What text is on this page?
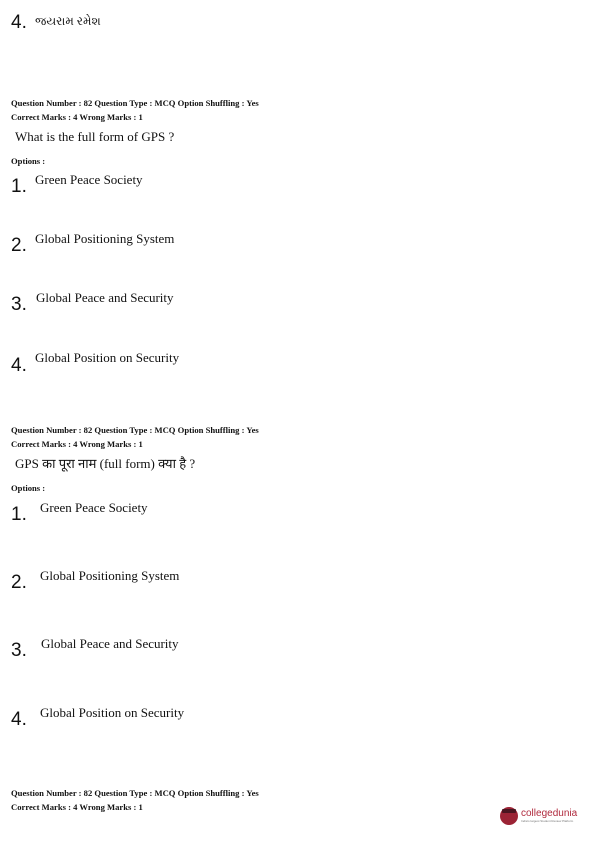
4. જયરામ રમેશ
Question Number : 82 Question Type : MCQ Option Shuffling : Yes
Correct Marks : 4 Wrong Marks : 1
What is the full form of GPS ?
Options :
1. Green Peace Society
2. Global Positioning System
3. Global Peace and Security
4. Global Position on Security
Question Number : 82 Question Type : MCQ Option Shuffling : Yes
Correct Marks : 4 Wrong Marks : 1
GPS का पूरा नाम (full form) क्या है ?
Options :
1. Green Peace Society
2. Global Positioning System
3. Global Peace and Security
4. Global Position on Security
Question Number : 82 Question Type : MCQ Option Shuffling : Yes
Correct Marks : 4 Wrong Marks : 1
collegedunia
India's largest Student Review Platform
